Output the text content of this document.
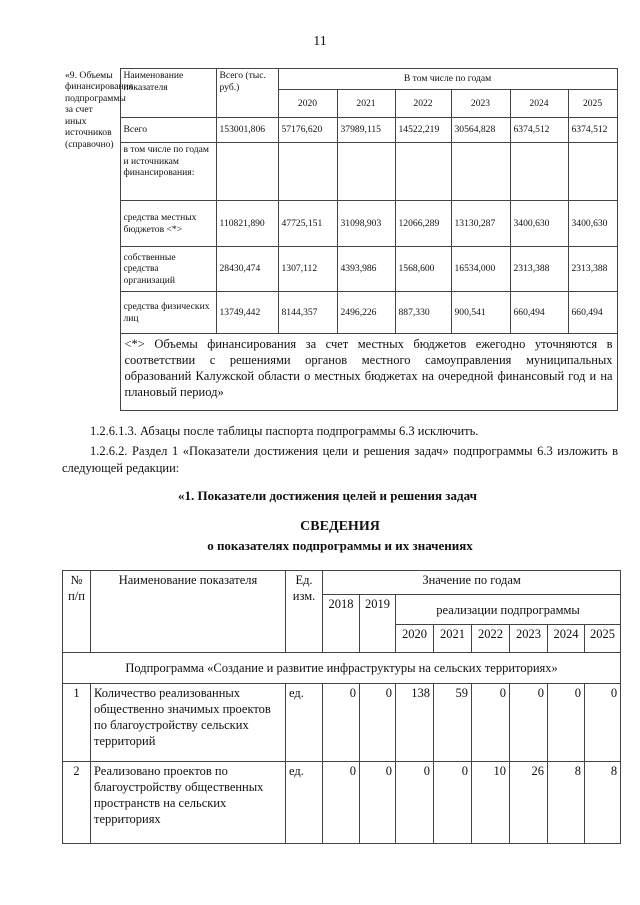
11
«9. Объемы финансирования подпрограммы за счет иных источников (справочно)	Наименование показателя	Всего (тыс. руб.)	В том числе по годам					
			2020	2021	2022	2023	2024	2025
	Всего	153001,806	57176,620	37989,115	14522,219	30564,828	6374,512	6374,512
	в том числе по годам и источникам финансирования:							
	средства местных бюджетов <*>	110821,890	47725,151	31098,903	12066,289	13130,287	3400,630	3400,630
	собственные средства организаций	28430,474	1307,112	4393,986	1568,600	16534,000	2313,388	2313,388
	средства физических лиц	13749,442	8144,357	2496,226	887,330	900,541	660,494	660,494
	<*> Объемы финансирования за счет местных бюджетов ежегодно уточняются в соответствии с решениями органов местного самоуправления муниципальных образований Калужской области о местных бюджетах на очередной финансовый год и на плановый период»							
1.2.6.1.3. Абзацы после таблицы паспорта подпрограммы 6.3 исключить.
1.2.6.2. Раздел 1 «Показатели достижения цели и решения задач» подпрограммы 6.3 изложить в следующей редакции:
«1. Показатели достижения целей и решения задач
СВЕДЕНИЯ
о показателях подпрограммы и их значениях
№ п/п	Наименование показателя	Ед. изм.	Значение по годам							
			2018	2019	реализации подпрограммы					
					2020	2021	2022	2023	2024	2025
Подпрограмма «Создание и развитие инфраструктуры на сельских территориях»										
1	Количество реализованных общественно значимых проектов по благоустройству сельских территорий	ед.	0	0	138	59	0	0	0	0
2	Реализовано проектов по благоустройству общественных пространств на сельских территориях	ед.	0	0	0	0	10	26	8	8
